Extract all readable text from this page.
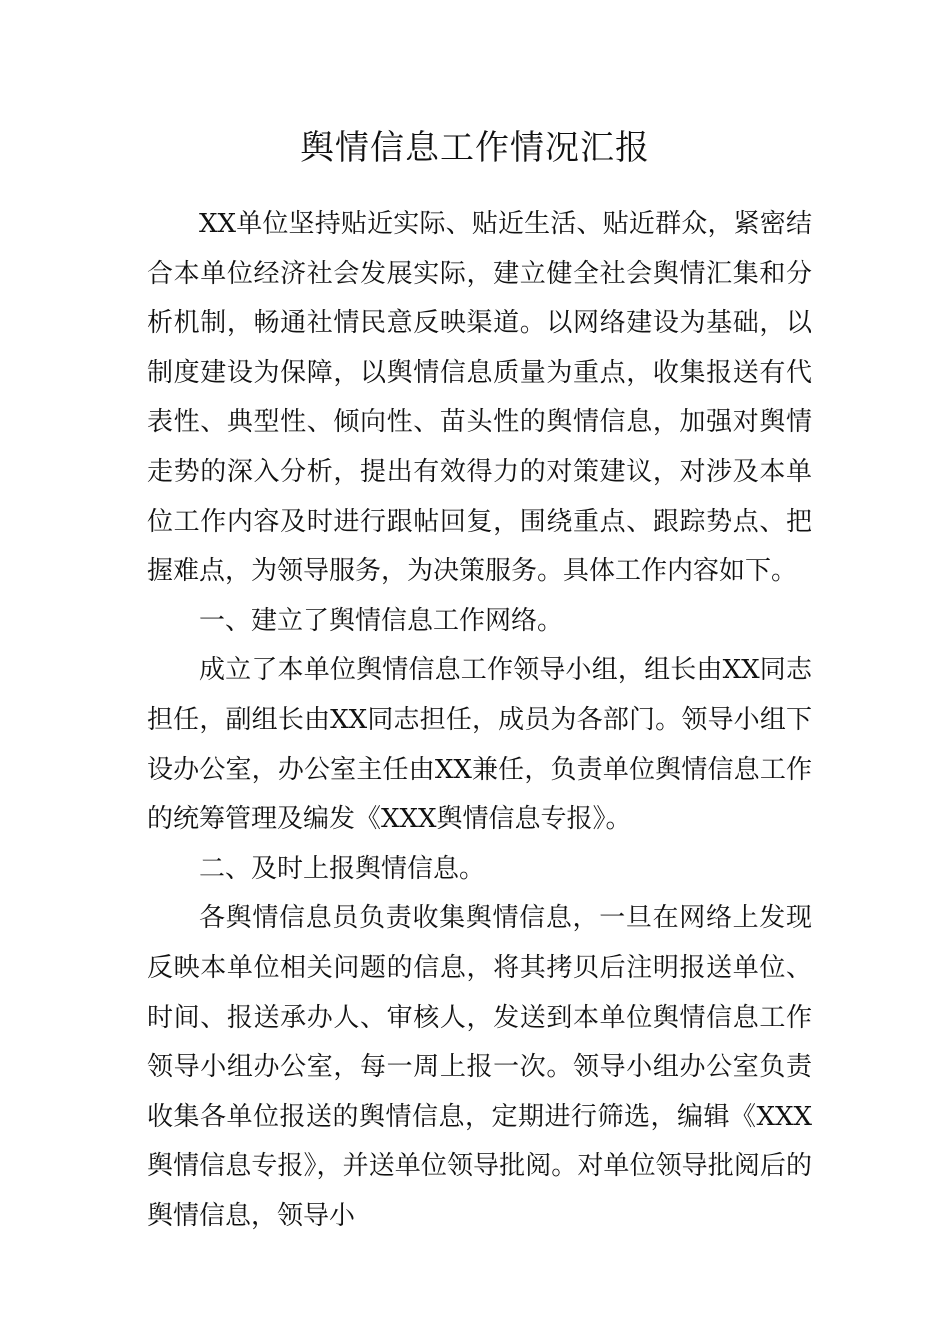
舆情信息工作情况汇报

XX单位坚持贴近实际、贴近生活、贴近群众，紧密结合本单位经济社会发展实际，建立健全社会舆情汇集和分析机制，畅通社情民意反映渠道。以网络建设为基础，以制度建设为保障，以舆情信息质量为重点，收集报送有代表性、典型性、倾向性、苗头性的舆情信息，加强对舆情走势的深入分析，提出有效得力的对策建议，对涉及本单位工作内容及时进行跟帖回复，围绕重点、跟踪势点、把握难点，为领导服务，为决策服务。具体工作内容如下。

一、建立了舆情信息工作网络。

成立了本单位舆情信息工作领导小组，组长由XX同志担任，副组长由XX同志担任，成员为各部门。领导小组下设办公室，办公室主任由XX兼任，负责单位舆情信息工作的统筹管理及编发《XXX舆情信息专报》。

二、及时上报舆情信息。

各舆情信息员负责收集舆情信息，一旦在网络上发现反映本单位相关问题的信息，将其拷贝后注明报送单位、时间、报送承办人、审核人，发送到本单位舆情信息工作领导小组办公室，每一周上报一次。领导小组办公室负责收集各单位报送的舆情信息，定期进行筛选，编辑《XXX舆情信息专报》，并送单位领导批阅。对单位领导批阅后的舆情信息，领导小
